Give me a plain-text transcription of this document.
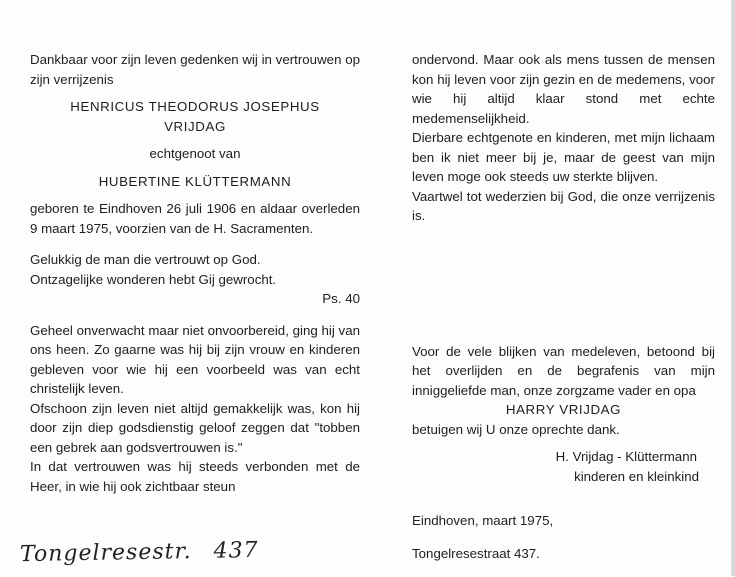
Dankbaar voor zijn leven gedenken wij in vertrouwen op zijn verrijzenis

HENRICUS THEODORUS JOSEPHUS

VRIJDAG

echtgenoot van

HUBERTINE KLÜTTERMANN

geboren te Eindhoven 26 juli 1906 en aldaar overleden 9 maart 1975, voorzien van de H. Sacramenten.

Gelukkig de man die vertrouwt op God.

Ontzagelijke wonderen hebt Gij gewrocht.

Ps. 40

Geheel onverwacht maar niet onvoorbereid, ging hij van ons heen. Zo gaarne was hij bij zijn vrouw en kinderen gebleven voor wie hij een voorbeeld was van echt christelijk leven.

Ofschoon zijn leven niet altijd gemakkelijk was, kon hij door zijn diep godsdienstig geloof zeggen dat "tobben een gebrek aan godsvertrouwen is."

In dat vertrouwen was hij steeds verbonden met de Heer, in wie hij ook zichtbaar steun

ondervond. Maar ook als mens tussen de mensen kon hij leven voor zijn gezin en de medemens, voor wie hij altijd klaar stond met echte medemenselijkheid.

Dierbare echtgenote en kinderen, met mijn lichaam ben ik niet meer bij je, maar de geest van mijn leven moge ook steeds uw sterkte blijven.

Vaartwel tot wederzien bij God, die onze verrijzenis is.

Voor de vele blijken van medeleven, betoond bij het overlijden en de begrafenis van mijn inniggeliefde man, onze zorgzame vader en opa

HARRY VRIJDAG

betuigen wij U onze oprechte dank.

H. Vrijdag - Klüttermann

kinderen en kleinkind

Eindhoven, maart 1975,

Tongelresestraat 437.

Tongelresestr. 437
